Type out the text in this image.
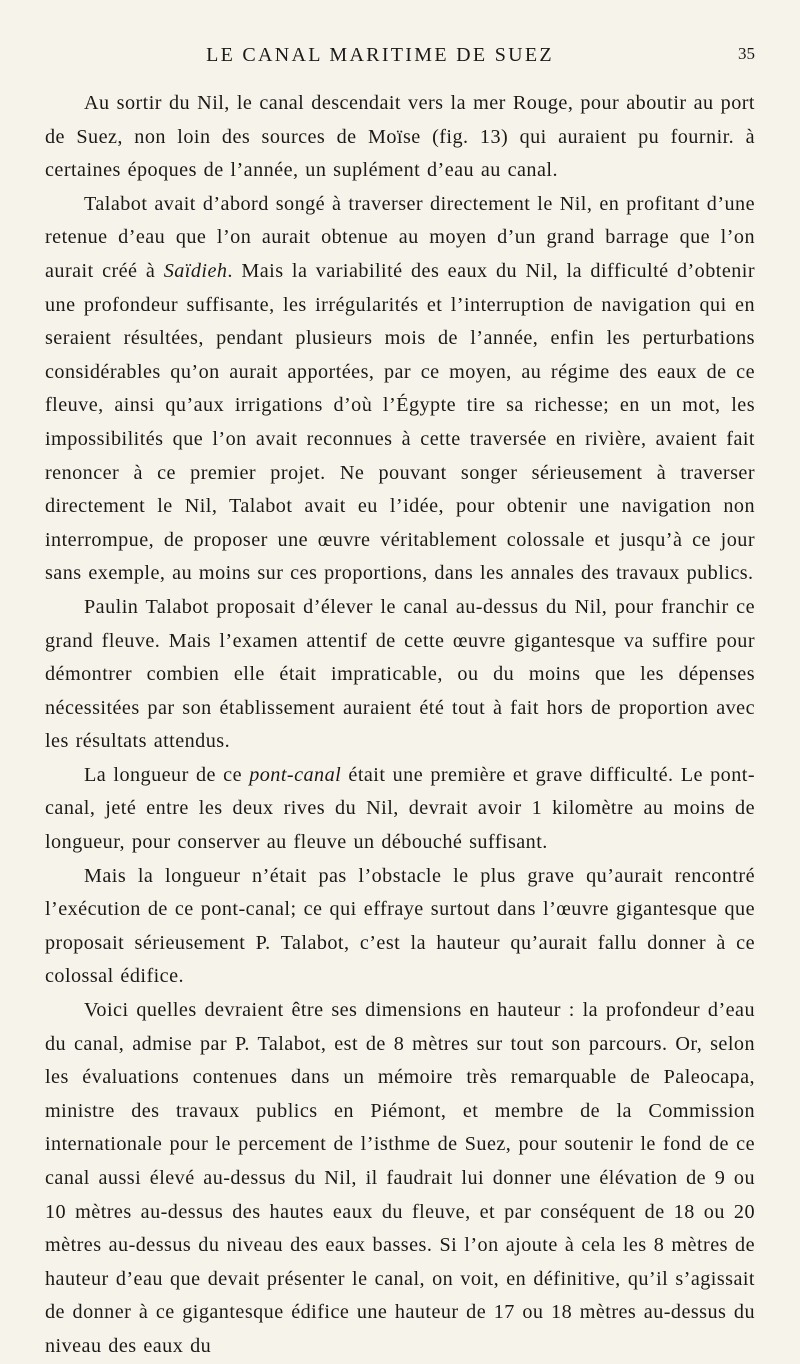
LE CANAL MARITIME DE SUEZ	35

Au sortir du Nil, le canal descendait vers la mer Rouge, pour aboutir au port de Suez, non loin des sources de Moïse (fig. 13) qui auraient pu fournir. à certaines époques de l’année, un suplément d’eau au canal.

Talabot avait d’abord songé à traverser directement le Nil, en profitant d’une retenue d’eau que l’on aurait obtenue au moyen d’un grand barrage que l’on aurait créé à Saïdieh. Mais la variabilité des eaux du Nil, la difficulté d’obtenir une profondeur suffisante, les irrégularités et l’interruption de navigation qui en seraient résultées, pendant plusieurs mois de l’année, enfin les perturbations considérables qu’on aurait apportées, par ce moyen, au régime des eaux de ce fleuve, ainsi qu’aux irrigations d’où l’Égypte tire sa richesse; en un mot, les impossibilités que l’on avait reconnues à cette traversée en rivière, avaient fait renoncer à ce premier projet. Ne pouvant songer sérieusement à traverser directement le Nil, Talabot avait eu l’idée, pour obtenir une navigation non interrompue, de proposer une œuvre véritablement colossale et jusqu’à ce jour sans exemple, au moins sur ces proportions, dans les annales des travaux publics.

Paulin Talabot proposait d’élever le canal au-dessus du Nil, pour franchir ce grand fleuve. Mais l’examen attentif de cette œuvre gigantesque va suffire pour démontrer combien elle était impraticable, ou du moins que les dépenses nécessitées par son établissement auraient été tout à fait hors de proportion avec les résultats attendus.

La longueur de ce pont-canal était une première et grave difficulté. Le pont-canal, jeté entre les deux rives du Nil, devrait avoir 1 kilomètre au moins de longueur, pour conserver au fleuve un débouché suffisant.

Mais la longueur n’était pas l’obstacle le plus grave qu’aurait rencontré l’exécution de ce pont-canal; ce qui effraye surtout dans l’œuvre gigantesque que proposait sérieusement P. Talabot, c’est la hauteur qu’aurait fallu donner à ce colossal édifice.

Voici quelles devraient être ses dimensions en hauteur : la profondeur d’eau du canal, admise par P. Talabot, est de 8 mètres sur tout son parcours. Or, selon les évaluations contenues dans un mémoire très remarquable de Paleocapa, ministre des travaux publics en Piémont, et membre de la Commission internationale pour le percement de l’isthme de Suez, pour soutenir le fond de ce canal aussi élevé au-dessus du Nil, il faudrait lui donner une élévation de 9 ou 10 mètres au-dessus des hautes eaux du fleuve, et par conséquent de 18 ou 20 mètres au-dessus du niveau des eaux basses. Si l’on ajoute à cela les 8 mètres de hauteur d’eau que devait présenter le canal, on voit, en définitive, qu’il s’agissait de donner à ce gigantesque édifice une hauteur de 17 ou 18 mètres au-dessus du niveau des eaux du
